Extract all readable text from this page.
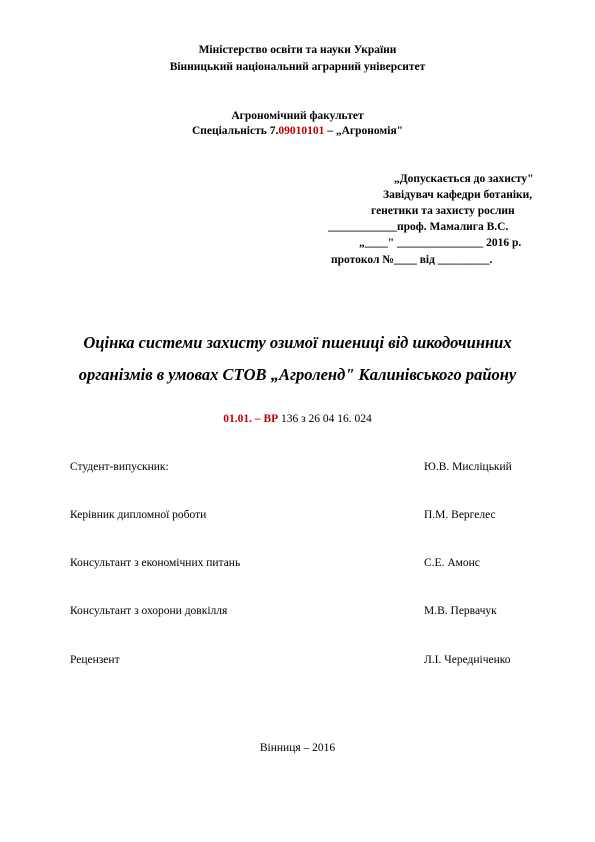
Міністерство освіти та науки України
Вінницький національний аграрний університет
Агрономічний факультет
Спеціальність 7.09010101 – „Агрономія"
„Допускається до захисту"
Завідувач кафедри ботаніки,
генетики та захисту рослин
____________проф. Мамалига В.С.
„____" _______________ 2016 р.
протокол №____ від _________.
Оцінка системи захисту озимої пшениці від шкодочинних
організмів в умовах СТОВ „Агроленд" Калинівського району
01.01. – ВР 136 з 26 04 16. 024
Студент-випускник:	Ю.В. Мисліцький
Керівник дипломної роботи	П.М. Вергелес
Консультант з економічних питань	С.Е. Амонс
Консультант з охорони довкілля	М.В. Первачук
Рецензент	Л.І. Чередніченко
Вінниця – 2016
